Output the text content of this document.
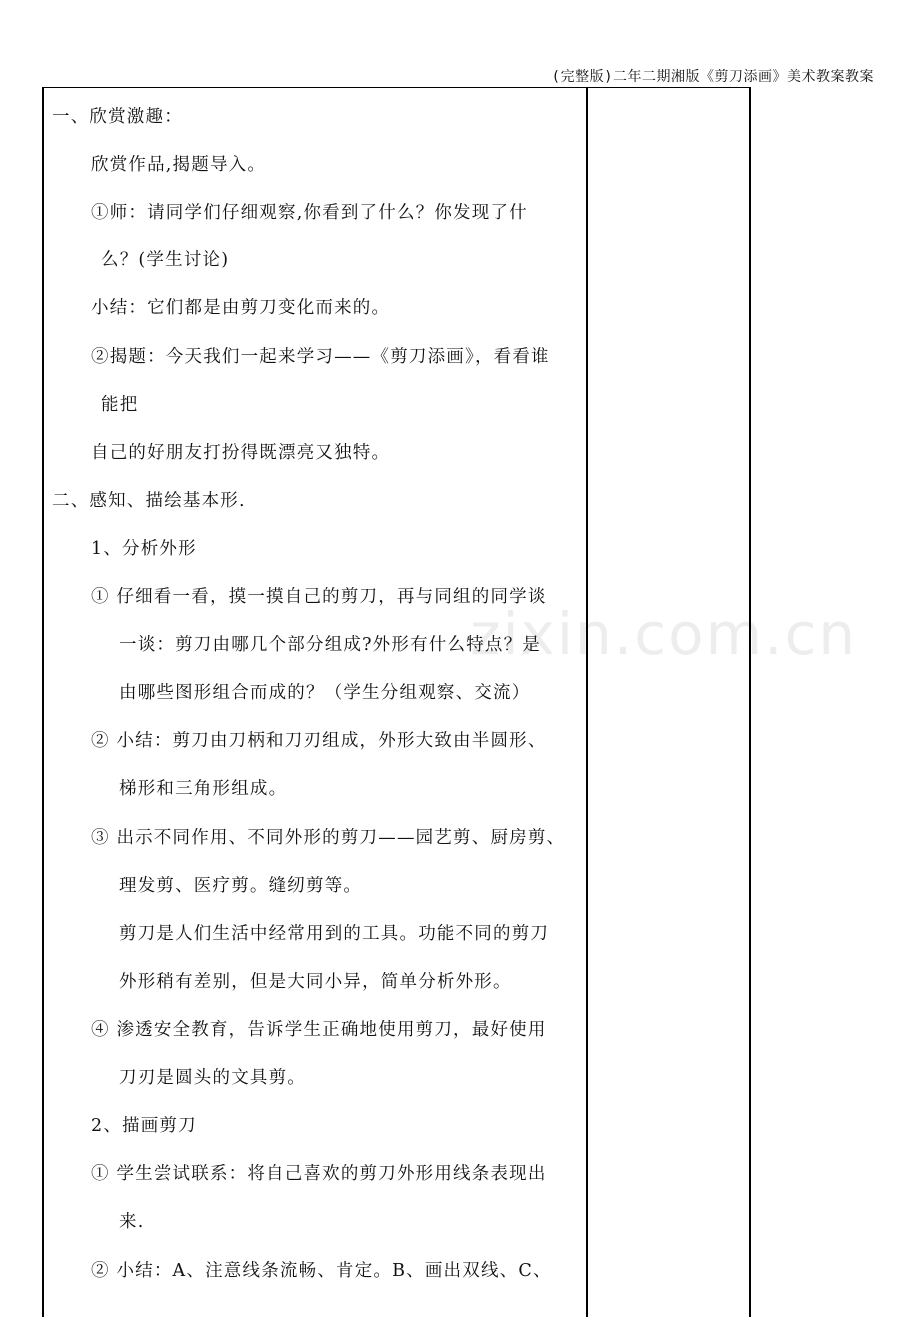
(完整版)二年二期湘版《剪刀添画》美术教案教案
zixin.com.cn
一、欣赏激趣：
欣赏作品,揭题导入。
①师：请同学们仔细观察,你看到了什么？你发现了什
么？(学生讨论)
小结：它们都是由剪刀变化而来的。
②揭题：今天我们一起来学习——《剪刀添画》，看看谁
能把
自己的好朋友打扮得既漂亮又独特。
二、感知、描绘基本形.
1、分析外形
① 仔细看一看，摸一摸自己的剪刀，再与同组的同学谈
一谈：剪刀由哪几个部分组成?外形有什么特点？是
由哪些图形组合而成的？（学生分组观察、交流）
② 小结：剪刀由刀柄和刀刃组成，外形大致由半圆形、
梯形和三角形组成。
③ 出示不同作用、不同外形的剪刀——园艺剪、厨房剪、
理发剪、医疗剪。缝纫剪等。
剪刀是人们生活中经常用到的工具。功能不同的剪刀
外形稍有差别，但是大同小异，简单分析外形。
④ 渗透安全教育，告诉学生正确地使用剪刀，最好使用
刀刃是圆头的文具剪。
2、描画剪刀
① 学生尝试联系：将自己喜欢的剪刀外形用线条表现出
来.
② 小结：A、注意线条流畅、肯定。B、画出双线、C、
